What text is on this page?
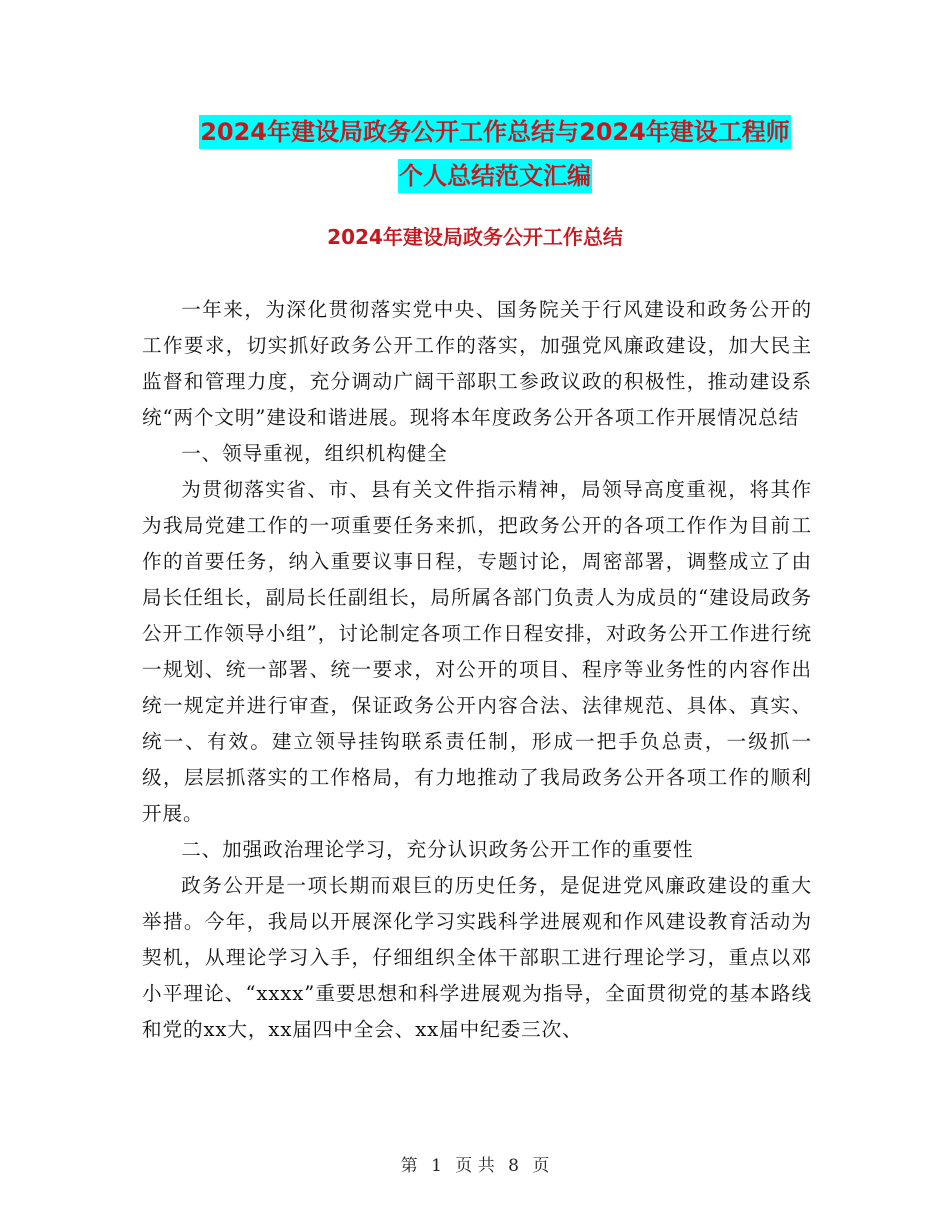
2024年建设局政务公开工作总结与2024年建设工程师
个人总结范文汇编
2024年建设局政务公开工作总结

一年来，为深化贯彻落实党中央、国务院关于行风建设和政务公开的工作要求，切实抓好政务公开工作的落实，加强党风廉政建设，加大民主监督和管理力度，充分调动广阔干部职工参政议政的积极性，推动建设系统“两个文明”建设和谐进展。现将本年度政务公开各项工作开展情况总结

一、领导重视，组织机构健全

为贯彻落实省、市、县有关文件指示精神，局领导高度重视，将其作为我局党建工作的一项重要任务来抓，把政务公开的各项工作作为目前工作的首要任务，纳入重要议事日程，专题讨论，周密部署，调整成立了由局长任组长，副局长任副组长，局所属各部门负责人为成员的“建设局政务公开工作领导小组”，讨论制定各项工作日程安排，对政务公开工作进行统一规划、统一部署、统一要求，对公开的项目、程序等业务性的内容作出统一规定并进行审查，保证政务公开内容合法、法律规范、具体、真实、统一、有效。建立领导挂钩联系责任制，形成一把手负总责，一级抓一级，层层抓落实的工作格局，有力地推动了我局政务公开各项工作的顺利开展。

二、加强政治理论学习，充分认识政务公开工作的重要性

政务公开是一项长期而艰巨的历史任务，是促进党风廉政建设的重大举措。今年，我局以开展深化学习实践科学进展观和作风建设教育活动为契机，从理论学习入手，仔细组织全体干部职工进行理论学习，重点以邓小平理论、“xxxx”重要思想和科学进展观为指导，全面贯彻党的基本路线和党的xx大，xx届四中全会、xx届中纪委三次、

第 1 页 共 8 页
